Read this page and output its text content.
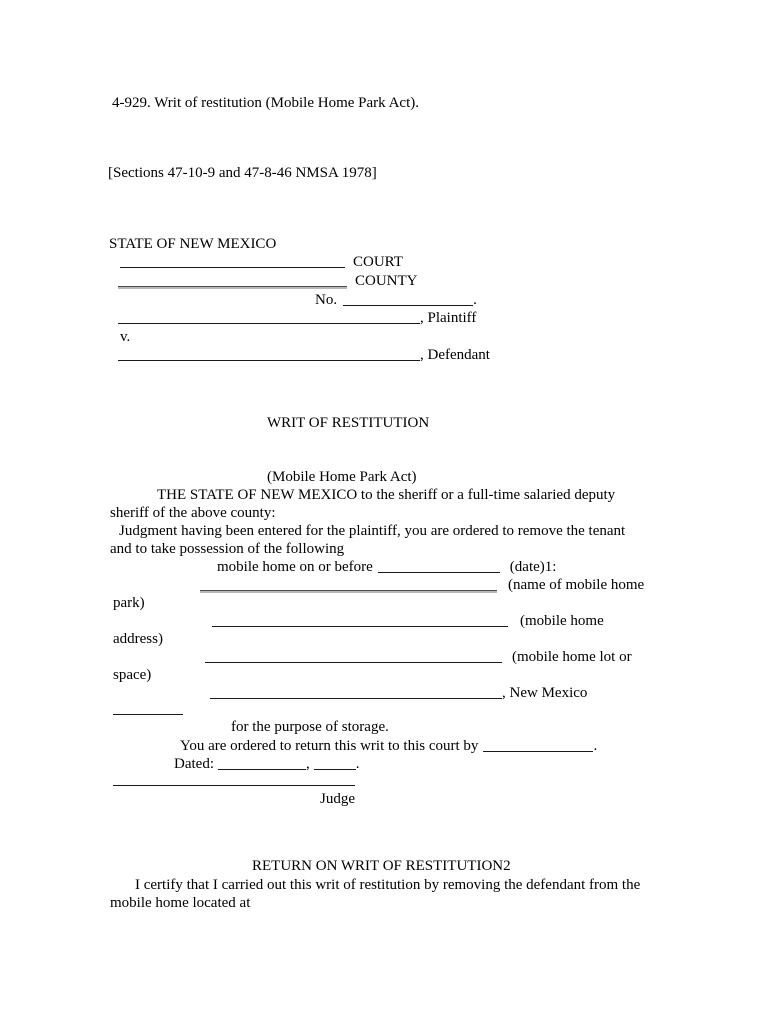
4-929. Writ of restitution (Mobile Home Park Act).
[Sections 47-10-9 and 47-8-46 NMSA 1978]
STATE OF NEW MEXICO
COURT
COUNTY
No.	.
, Plaintiff
v.
, Defendant
WRIT OF RESTITUTION
(Mobile Home Park Act)
THE STATE OF NEW MEXICO to the sheriff or a full-time salaried deputy
sheriff of the above county:
Judgment having been entered for the plaintiff, you are ordered to remove the tenant
and to take possession of the following
mobile home on or before	(date)1:
(name of mobile home
park)
(mobile home
address)
(mobile home lot or
space)
, New Mexico
for the purpose of storage.
You are ordered to return this writ to this court by	.
Dated:	,	.
Judge
RETURN ON WRIT OF RESTITUTION2
I certify that I carried out this writ of restitution by removing the defendant from the
mobile home located at
